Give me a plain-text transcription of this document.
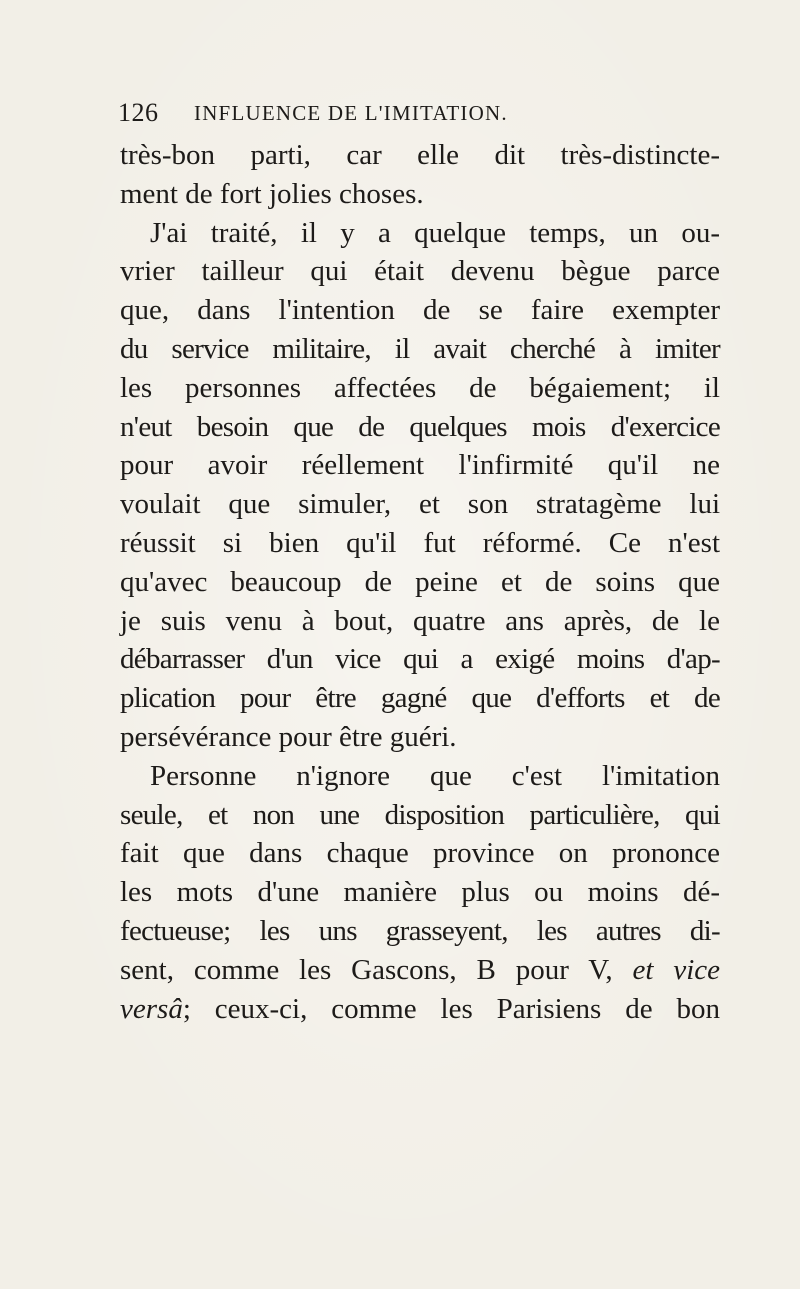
126 INFLUENCE DE L'IMITATION.
très-bon parti, car elle dit très-distincte-
ment de fort jolies choses.
J'ai traité, il y a quelque temps, un ou-
vrier tailleur qui était devenu bègue parce
que, dans l'intention de se faire exempter
du service militaire, il avait cherché à imiter
les personnes affectées de bégaiement; il
n'eut besoin que de quelques mois d'exercice
pour avoir réellement l'infirmité qu'il ne
voulait que simuler, et son stratagème lui
réussit si bien qu'il fut réformé. Ce n'est
qu'avec beaucoup de peine et de soins que
je suis venu à bout, quatre ans après, de le
débarrasser d'un vice qui a exigé moins d'ap-
plication pour être gagné que d'efforts et de
persévérance pour être guéri.
Personne n'ignore que c'est l'imitation
seule, et non une disposition particulière, qui
fait que dans chaque province on prononce
les mots d'une manière plus ou moins dé-
fectueuse; les uns grasseyent, les autres di-
sent, comme les Gascons, B pour V, et vice
versâ; ceux-ci, comme les Parisiens de bon
